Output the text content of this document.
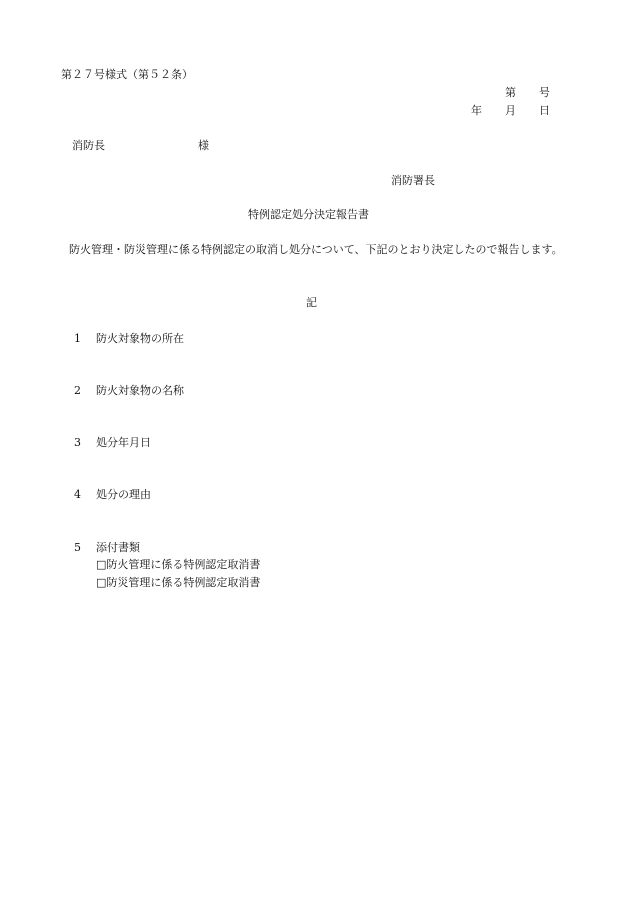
第２７号様式（第５２条）
第 号
年 月 日
消防長	様
消防署長
特例認定処分決定報告書
防火管理・防災管理に係る特例認定の取消し処分について、下記のとおり決定したので報告します。
記
1 防火対象物の所在
2 防火対象物の名称
3 処分年月日
4 処分の理由
5 添付書類
□防火管理に係る特例認定取消書
□防災管理に係る特例認定取消書
